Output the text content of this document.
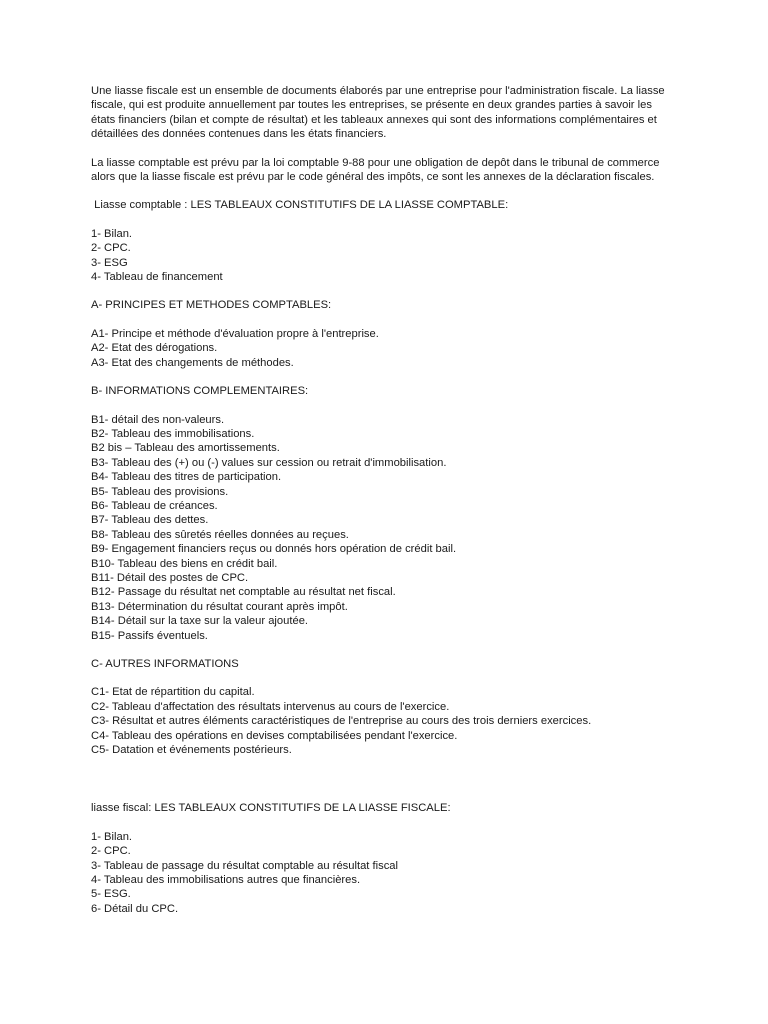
Une liasse fiscale est un ensemble de documents élaborés par une entreprise pour l'administration fiscale. La liasse fiscale, qui est produite annuellement par toutes les entreprises, se présente en deux grandes parties à savoir les états financiers (bilan et compte de résultat) et les tableaux annexes qui sont des informations complémentaires et détaillées des données contenues dans les états financiers.

La liasse comptable est prévu par la loi comptable 9-88 pour une obligation de depôt dans le tribunal de commerce alors que la liasse fiscale est prévu par le code général des impôts, ce sont les annexes de la déclaration fiscales.

Liasse comptable : LES TABLEAUX CONSTITUTIFS DE LA LIASSE COMPTABLE:

1- Bilan.
2- CPC.
3- ESG
4- Tableau de financement

A- PRINCIPES ET METHODES COMPTABLES:

A1- Principe et méthode d'évaluation propre à l'entreprise.
A2- Etat des dérogations.
A3- Etat des changements de méthodes.

B- INFORMATIONS COMPLEMENTAIRES:

B1- détail des non-valeurs.
B2- Tableau des immobilisations.
B2 bis – Tableau des amortissements.
B3- Tableau des (+) ou (-) values sur cession ou retrait d'immobilisation.
B4- Tableau des titres de participation.
B5- Tableau des provisions.
B6- Tableau de créances.
B7- Tableau des dettes.
B8- Tableau des sûretés réelles données au reçues.
B9- Engagement financiers reçus ou donnés hors opération de crédit bail.
B10- Tableau des biens en crédit bail.
B11- Détail des postes de CPC.
B12- Passage du résultat net comptable au résultat net fiscal.
B13- Détermination du résultat courant après impôt.
B14- Détail sur la taxe sur la valeur ajoutée.
B15- Passifs éventuels.

C- AUTRES INFORMATIONS

C1- Etat de répartition du capital.
C2- Tableau d'affectation des résultats intervenus au cours de l'exercice.
C3- Résultat et autres éléments caractéristiques de l'entreprise au cours des trois derniers exercices.
C4- Tableau des opérations en devises comptabilisées pendant l'exercice.
C5- Datation et événements postérieurs.

liasse fiscal: LES TABLEAUX CONSTITUTIFS DE LA LIASSE FISCALE:

1- Bilan.
2- CPC.
3- Tableau de passage du résultat comptable au résultat fiscal
4- Tableau des immobilisations autres que financières.
5- ESG.
6- Détail du CPC.
